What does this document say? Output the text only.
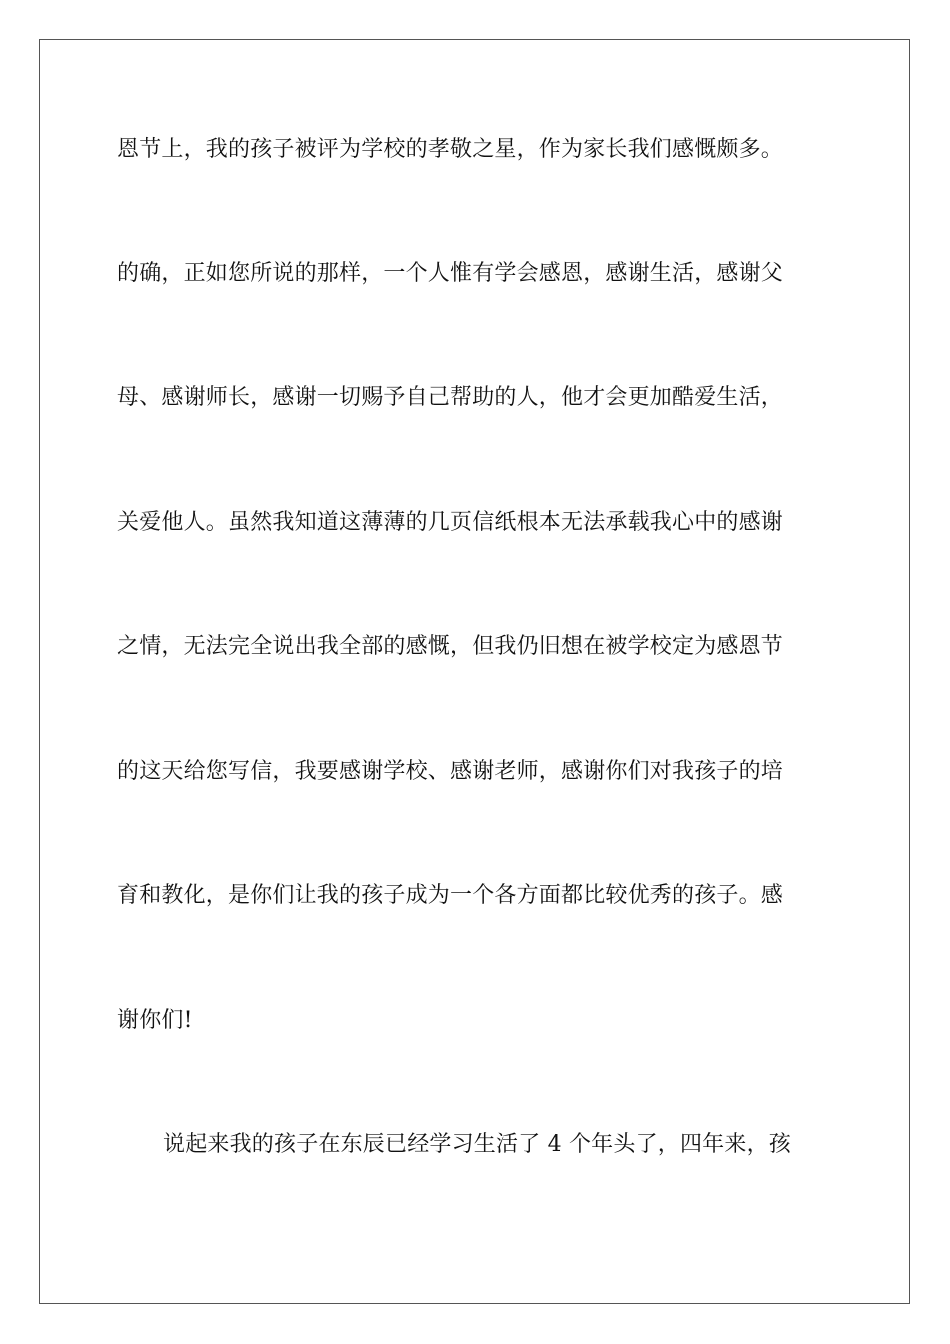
恩节上，我的孩子被评为学校的孝敬之星，作为家长我们感慨颇多。
的确，正如您所说的那样，一个人惟有学会感恩，感谢生活，感谢父
母、感谢师长，感谢一切赐予自己帮助的人，他才会更加酷爱生活，
关爱他人。虽然我知道这薄薄的几页信纸根本无法承载我心中的感谢
之情，无法完全说出我全部的感慨，但我仍旧想在被学校定为感恩节
的这天给您写信，我要感谢学校、感谢老师，感谢你们对我孩子的培
育和教化，是你们让我的孩子成为一个各方面都比较优秀的孩子。感
谢你们!
说起来我的孩子在东辰已经学习生活了 4 个年头了，四年来，孩
